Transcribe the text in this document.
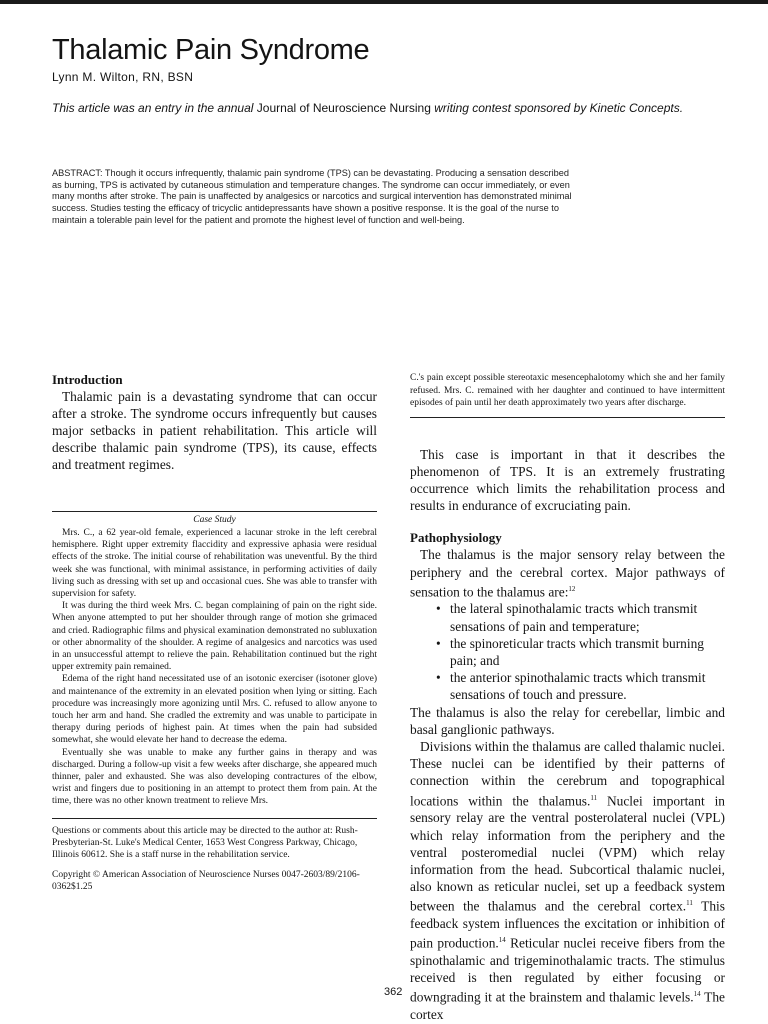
Thalamic Pain Syndrome
Lynn M. Wilton, RN, BSN

This article was an entry in the annual Journal of Neuroscience Nursing writing contest sponsored by Kinetic Concepts.

ABSTRACT: Though it occurs infrequently, thalamic pain syndrome (TPS) can be devastating. Producing a sensation described as burning, TPS is activated by cutaneous stimulation and temperature changes. The syndrome can occur immediately, or even many months after stroke. The pain is unaffected by analgesics or narcotics and surgical intervention has demonstrated minimal success. Studies testing the efficacy of tricyclic antidepressants have shown a positive response. It is the goal of the nurse to maintain a tolerable pain level for the patient and promote the highest level of function and well-being.

Introduction

Thalamic pain is a devastating syndrome that can occur after a stroke. The syndrome occurs infrequently but causes major setbacks in patient rehabilitation. This article will describe thalamic pain syndrome (TPS), its cause, effects and treatment regimes.

Case Study

Mrs. C., a 62 year-old female, experienced a lacunar stroke in the left cerebral hemisphere. Right upper extremity flaccidity and expressive aphasia were residual effects of the stroke. The initial course of rehabilitation was uneventful. By the third week she was functional, with minimal assistance, in performing activities of daily living such as dressing with set up and occasional cues. She was able to transfer with supervision for safety.

It was during the third week Mrs. C. began complaining of pain on the right side. When anyone attempted to put her shoulder through range of motion she grimaced and cried. Radiographic films and physical examination demonstrated no subluxation or other abnormality of the shoulder. A regime of analgesics and narcotics was used in an unsuccessful attempt to relieve the pain. Rehabilitation continued but the right upper extremity pain remained.

Edema of the right hand necessitated use of an isotonic exerciser (isotoner glove) and maintenance of the extremity in an elevated position when lying or sitting. Each procedure was increasingly more agonizing until Mrs. C. refused to allow anyone to touch her arm and hand. She cradled the extremity and was unable to participate in therapy during periods of highest pain. At times when the pain had subsided somewhat, she would elevate her hand to decrease the edema.

Eventually she was unable to make any further gains in therapy and was discharged. During a follow-up visit a few weeks after discharge, she appeared much thinner, paler and exhausted. She was also developing contractures of the elbow, wrist and fingers due to positioning in an attempt to protect them from pain. At the time, there was no other known treatment to relieve Mrs.

Questions or comments about this article may be directed to the author at: Rush-Presbyterian-St. Luke's Medical Center, 1653 West Congress Parkway, Chicago, Illinois 60612. She is a staff nurse in the rehabilitation service.

Copyright © American Association of Neuroscience Nurses 0047-2603/89/2106-0362$1.25

C.'s pain except possible stereotaxic mesencephalotomy which she and her family refused. Mrs. C. remained with her daughter and continued to have intermittent episodes of pain until her death approximately two years after discharge.

This case is important in that it describes the phenomenon of TPS. It is an extremely frustrating occurrence which limits the rehabilitation process and results in endurance of excruciating pain.

Pathophysiology

The thalamus is the major sensory relay between the periphery and the cerebral cortex. Major pathways of sensation to the thalamus are:$^{12}$

• the lateral spinothalamic tracts which transmit sensations of pain and temperature;
• the spinoreticular tracts which transmit burning pain; and
• the anterior spinothalamic tracts which transmit sensations of touch and pressure.

The thalamus is also the relay for cerebellar, limbic and basal ganglionic pathways.

Divisions within the thalamus are called thalamic nuclei. These nuclei can be identified by their patterns of connection within the cerebrum and topographical locations within the thalamus.$^{11}$ Nuclei important in sensory relay are the ventral posterolateral nuclei (VPL) which relay information from the periphery and the ventral posteromedial nuclei (VPM) which relay information from the head. Subcortical thalamic nuclei, also known as reticular nuclei, set up a feedback system between the thalamus and the cerebral cortex.$^{11}$ This feedback system influences the excitation or inhibition of pain production.$^{14}$ Reticular nuclei receive fibers from the spinothalamic and trigeminothalamic tracts. The stimulus received is then regulated by either focusing or downgrading it at the brainstem and thalamic levels.$^{14}$ The cortex

362
